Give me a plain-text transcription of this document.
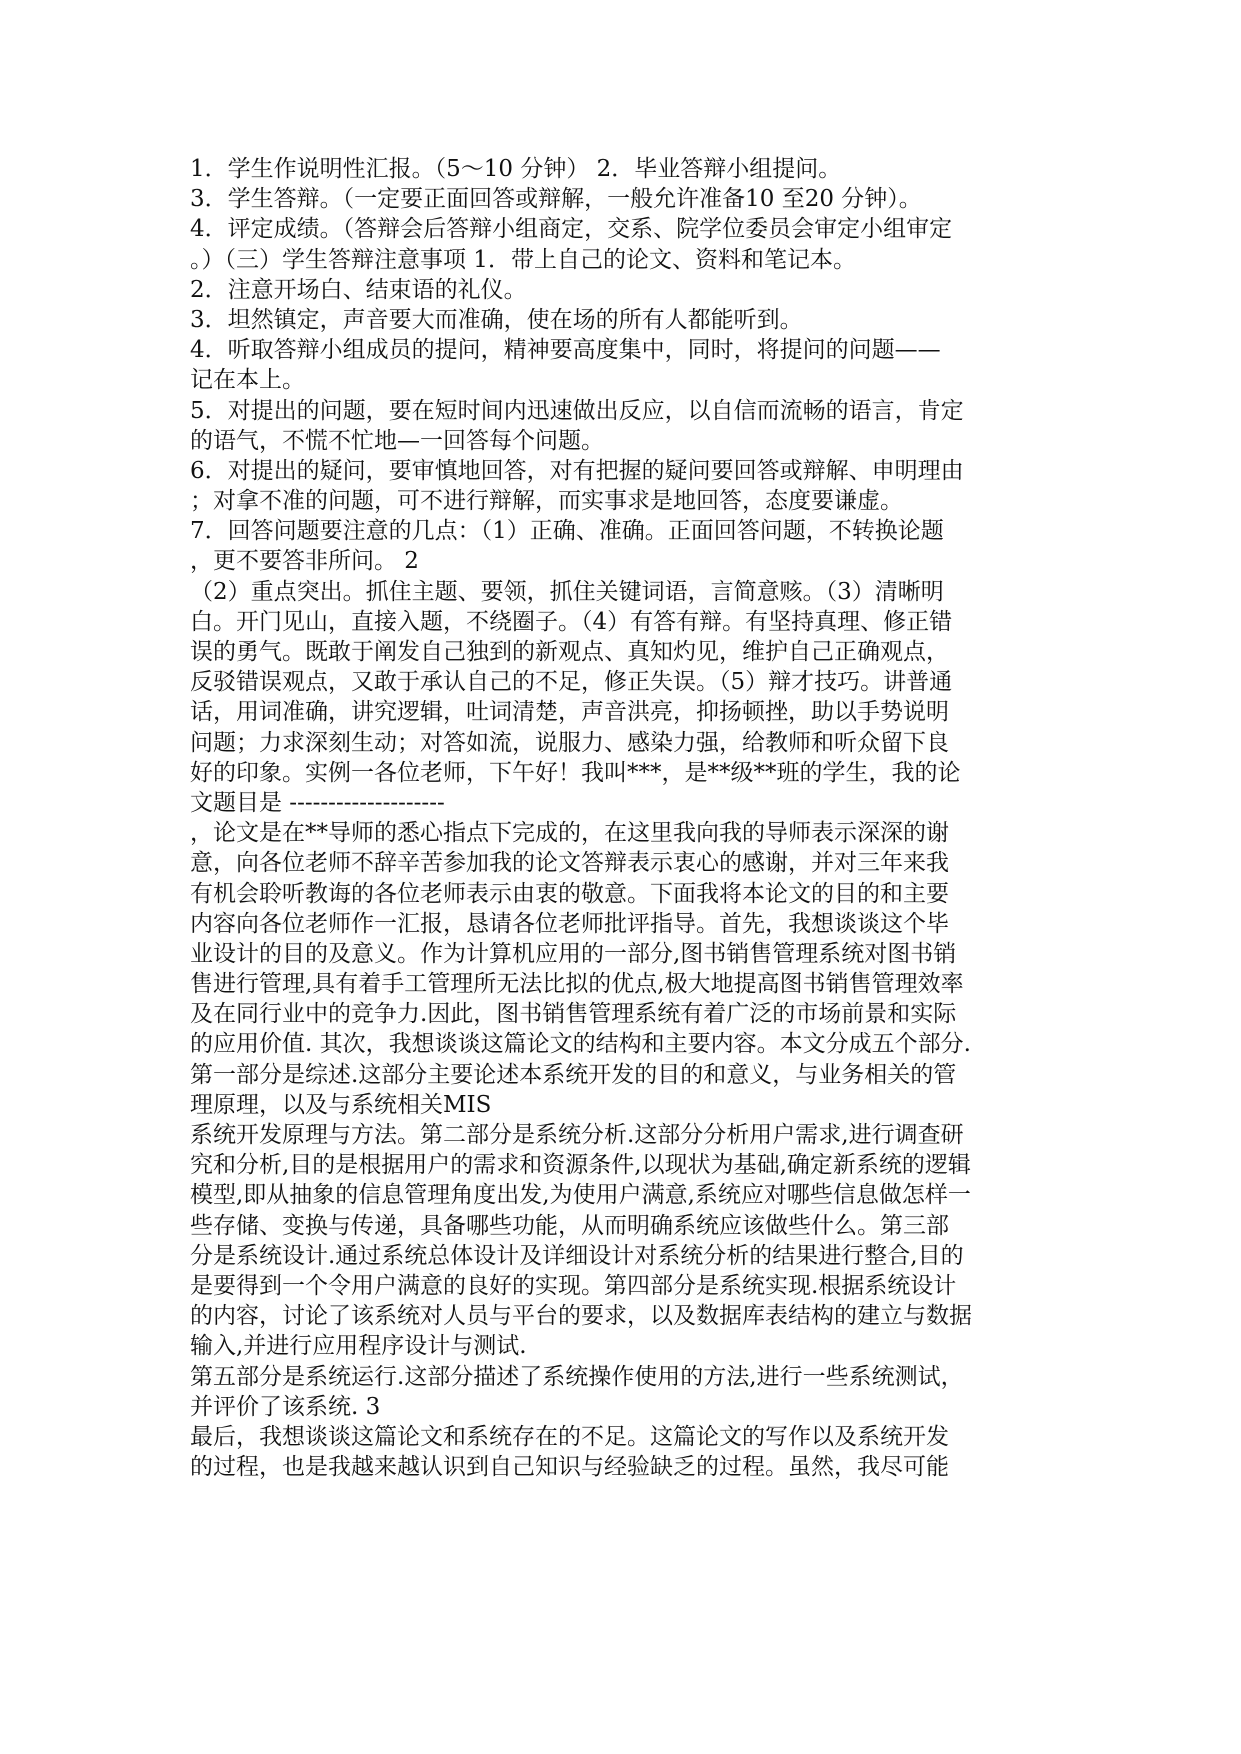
1．学生作说明性汇报。（5～10 分钟） 2．毕业答辩小组提问。
3．学生答辩。（一定要正面回答或辩解，一般允许准备10 至20 分钟）。
4．评定成绩。（答辩会后答辩小组商定，交系、院学位委员会审定小组审定
。）（三）学生答辩注意事项 1．带上自己的论文、资料和笔记本。
2．注意开场白、结束语的礼仪。
3．坦然镇定，声音要大而准确，使在场的所有人都能听到。
4．听取答辩小组成员的提问，精神要高度集中，同时，将提问的问题——
记在本上。
5．对提出的问题，要在短时间内迅速做出反应，以自信而流畅的语言，肯定
的语气，不慌不忙地—一回答每个问题。
6．对提出的疑问，要审慎地回答，对有把握的疑问要回答或辩解、申明理由
；对拿不准的问题，可不进行辩解，而实事求是地回答，态度要谦虚。
7．回答问题要注意的几点：（1）正确、准确。正面回答问题，不转换论题
，更不要答非所问。 2
（2）重点突出。抓住主题、要领，抓住关键词语，言简意赅。（3）清晰明
白。开门见山，直接入题，不绕圈子。（4）有答有辩。有坚持真理、修正错
误的勇气。既敢于阐发自己独到的新观点、真知灼见，维护自己正确观点，
反驳错误观点，又敢于承认自己的不足，修正失误。（5）辩才技巧。讲普通
话，用词准确，讲究逻辑，吐词清楚，声音洪亮，抑扬顿挫，助以手势说明
问题；力求深刻生动；对答如流，说服力、感染力强，给教师和听众留下良
好的印象。实例一各位老师，下午好！我叫***，是**级**班的学生，我的论
文题目是 --------------------
，论文是在**导师的悉心指点下完成的，在这里我向我的导师表示深深的谢
意，向各位老师不辞辛苦参加我的论文答辩表示衷心的感谢，并对三年来我
有机会聆听教诲的各位老师表示由衷的敬意。下面我将本论文的目的和主要
内容向各位老师作一汇报，恳请各位老师批评指导。首先，我想谈谈这个毕
业设计的目的及意义。作为计算机应用的一部分,图书销售管理系统对图书销
售进行管理,具有着手工管理所无法比拟的优点,极大地提高图书销售管理效率
及在同行业中的竞争力.因此，图书销售管理系统有着广泛的市场前景和实际
的应用价值. 其次，我想谈谈这篇论文的结构和主要内容。本文分成五个部分.
第一部分是综述.这部分主要论述本系统开发的目的和意义，与业务相关的管
理原理，以及与系统相关MIS
系统开发原理与方法。第二部分是系统分析.这部分分析用户需求,进行调查研
究和分析,目的是根据用户的需求和资源条件,以现状为基础,确定新系统的逻辑
模型,即从抽象的信息管理角度出发,为使用户满意,系统应对哪些信息做怎样一
些存储、变换与传递，具备哪些功能，从而明确系统应该做些什么。第三部
分是系统设计.通过系统总体设计及详细设计对系统分析的结果进行整合,目的
是要得到一个令用户满意的良好的实现。第四部分是系统实现.根据系统设计
的内容，讨论了该系统对人员与平台的要求，以及数据库表结构的建立与数据
输入,并进行应用程序设计与测试.
第五部分是系统运行.这部分描述了系统操作使用的方法,进行一些系统测试，
并评价了该系统. 3
最后，我想谈谈这篇论文和系统存在的不足。这篇论文的写作以及系统开发
的过程，也是我越来越认识到自己知识与经验缺乏的过程。虽然，我尽可能
